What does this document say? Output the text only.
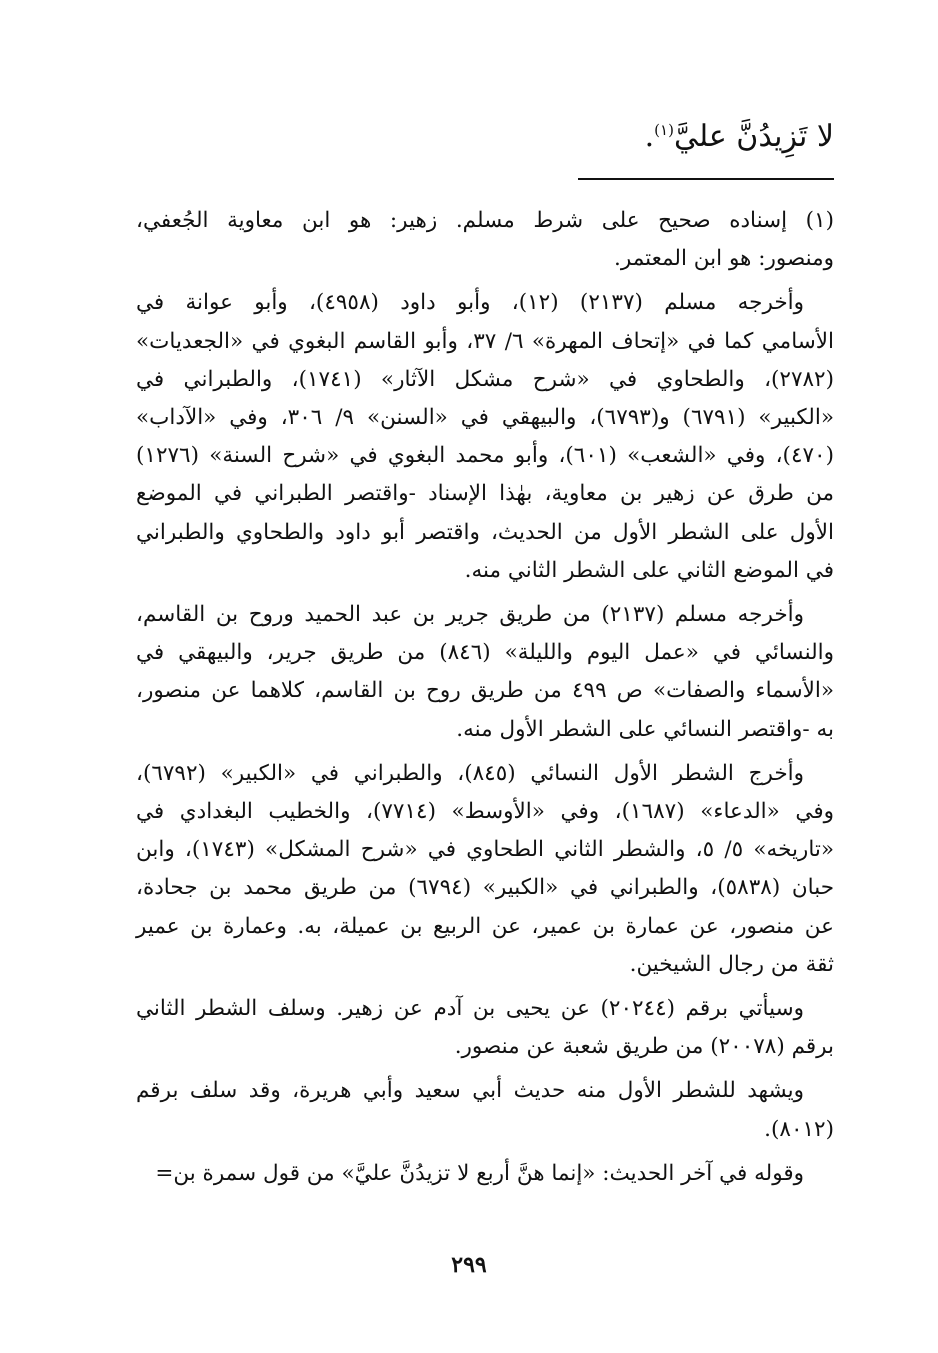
لا تَزِيدُنَّ عليَّ$^{(١)}$.

(١) إسناده صحيح على شرط مسلم. زهير: هو ابن معاوية الجُعفي،
ومنصور: هو ابن المعتمر.
وأخرجه مسلم (٢١٣٧) (١٢)، وأبو داود (٤٩٥٨)، وأبو عوانة في
الأسامي كما في «إتحاف المهرة» ٦/ ٣٧، وأبو القاسم البغوي في «الجعديات»
(٢٧٨٢)، والطحاوي في «شرح مشكل الآثار» (١٧٤١)، والطبراني في
«الكبير» (٦٧٩١) و(٦٧٩٣)، والبيهقي في «السنن» ٩/ ٣٠٦، وفي «الآداب»
(٤٧٠)، وفي «الشعب» (٦٠١)، وأبو محمد البغوي في «شرح السنة» (١٢٧٦)
من طرق عن زهير بن معاوية، بهٰذا الإسناد -واقتصر الطبراني في الموضع
الأول على الشطر الأول من الحديث، واقتصر أبو داود والطحاوي والطبراني
في الموضع الثاني على الشطر الثاني منه.
وأخرجه مسلم (٢١٣٧) من طريق جرير بن عبد الحميد وروح بن القاسم،
والنسائي في «عمل اليوم والليلة» (٨٤٦) من طريق جرير، والبيهقي في
«الأسماء والصفات» ص ٤٩٩ من طريق روح بن القاسم، كلاهما عن منصور،
به -واقتصر النسائي على الشطر الأول منه.
وأخرج الشطر الأول النسائي (٨٤٥)، والطبراني في «الكبير» (٦٧٩٢)،
وفي «الدعاء» (١٦٨٧)، وفي «الأوسط» (٧٧١٤)، والخطيب البغدادي في
«تاريخه» ٥/ ٥، والشطر الثاني الطحاوي في «شرح المشكل» (١٧٤٣)، وابن
حبان (٥٨٣٨)، والطبراني في «الكبير» (٦٧٩٤) من طريق محمد بن جحادة،
عن منصور، عن عمارة بن عمير، عن الربيع بن عميلة، به. وعمارة بن عمير
ثقة من رجال الشيخين.
وسيأتي برقم (٢٠٢٤٤) عن يحيى بن آدم عن زهير. وسلف الشطر الثاني
برقم (٢٠٠٧٨) من طريق شعبة عن منصور.
ويشهد للشطر الأول منه حديث أبي سعيد وأبي هريرة، وقد سلف برقم
(٨٠١٢).
وقوله في آخر الحديث: «إنما هنَّ أربع لا تزيدُنَّ عليَّ» من قول سمرة بن=
٢٩٩
